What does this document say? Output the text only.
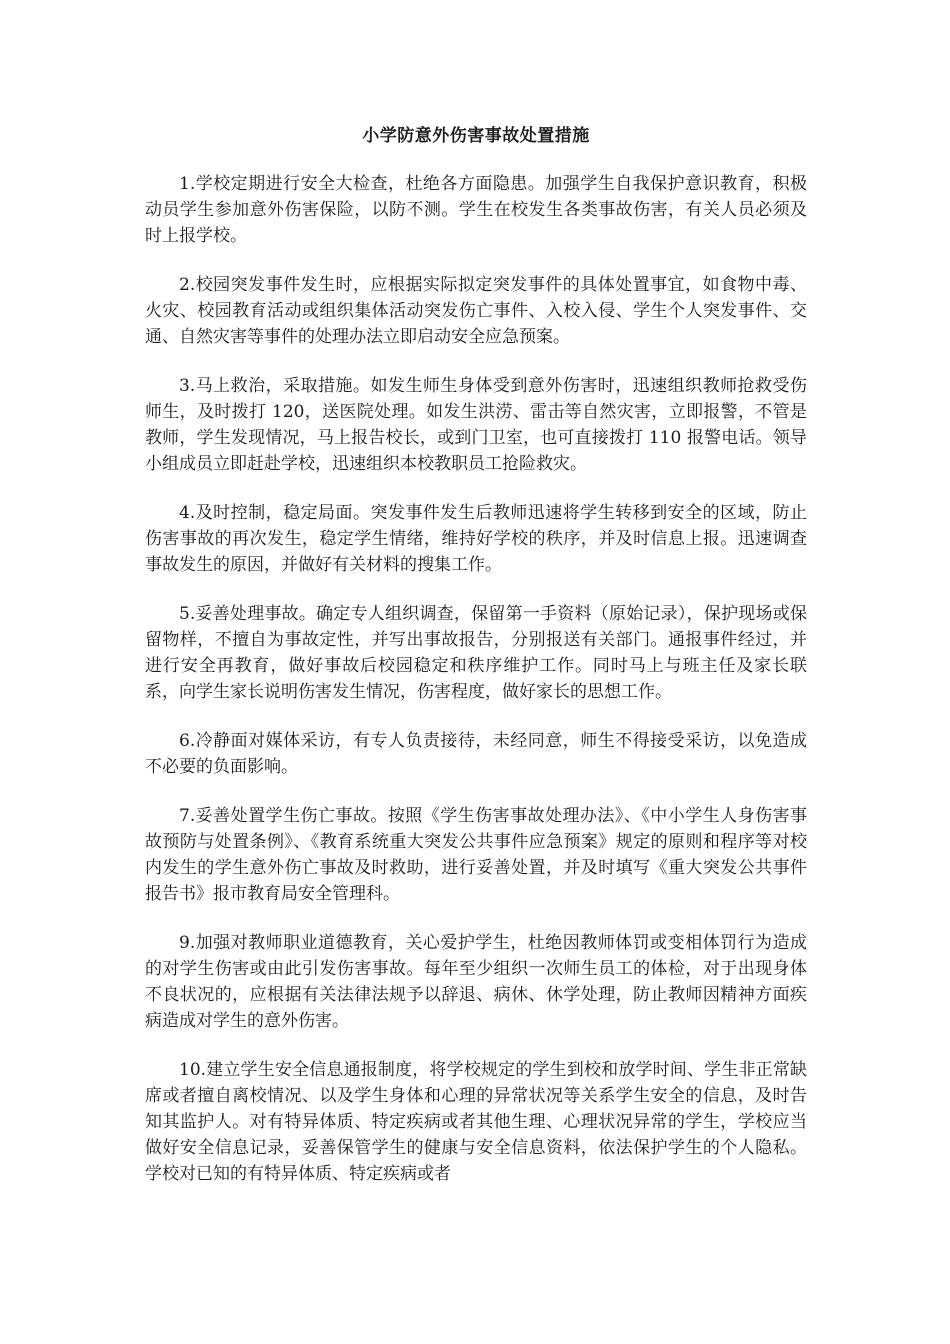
小学防意外伤害事故处置措施

1.学校定期进行安全大检查，杜绝各方面隐患。加强学生自我保护意识教育，积极动员学生参加意外伤害保险，以防不测。学生在校发生各类事故伤害，有关人员必须及时上报学校。

2.校园突发事件发生时，应根据实际拟定突发事件的具体处置事宜，如食物中毒、火灾、校园教育活动或组织集体活动突发伤亡事件、入校入侵、学生个人突发事件、交通、自然灾害等事件的处理办法立即启动安全应急预案。

3.马上救治，采取措施。如发生师生身体受到意外伤害时，迅速组织教师抢救受伤师生，及时拨打 120，送医院处理。如发生洪涝、雷击等自然灾害，立即报警，不管是教师，学生发现情况，马上报告校长，或到门卫室，也可直接拨打 110 报警电话。领导小组成员立即赶赴学校，迅速组织本校教职员工抢险救灾。

4.及时控制，稳定局面。突发事件发生后教师迅速将学生转移到安全的区域，防止伤害事故的再次发生，稳定学生情绪，维持好学校的秩序，并及时信息上报。迅速调查事故发生的原因，并做好有关材料的搜集工作。

5.妥善处理事故。确定专人组织调查，保留第一手资料（原始记录），保护现场或保留物样，不擅自为事故定性，并写出事故报告，分别报送有关部门。通报事件经过，并进行安全再教育，做好事故后校园稳定和秩序维护工作。同时马上与班主任及家长联系，向学生家长说明伤害发生情况，伤害程度，做好家长的思想工作。

6.冷静面对媒体采访，有专人负责接待，未经同意，师生不得接受采访，以免造成不必要的负面影响。

7.妥善处置学生伤亡事故。按照《学生伤害事故处理办法》、《中小学生人身伤害事故预防与处置条例》、《教育系统重大突发公共事件应急预案》规定的原则和程序等对校内发生的学生意外伤亡事故及时救助，进行妥善处置，并及时填写《重大突发公共事件报告书》报市教育局安全管理科。

9.加强对教师职业道德教育，关心爱护学生，杜绝因教师体罚或变相体罚行为造成的对学生伤害或由此引发伤害事故。每年至少组织一次师生员工的体检，对于出现身体不良状况的，应根据有关法律法规予以辞退、病休、休学处理，防止教师因精神方面疾病造成对学生的意外伤害。

10.建立学生安全信息通报制度，将学校规定的学生到校和放学时间、学生非正常缺席或者擅自离校情况、以及学生身体和心理的异常状况等关系学生安全的信息，及时告知其监护人。对有特异体质、特定疾病或者其他生理、心理状况异常的学生，学校应当做好安全信息记录，妥善保管学生的健康与安全信息资料，依法保护学生的个人隐私。学校对已知的有特异体质、特定疾病或者
